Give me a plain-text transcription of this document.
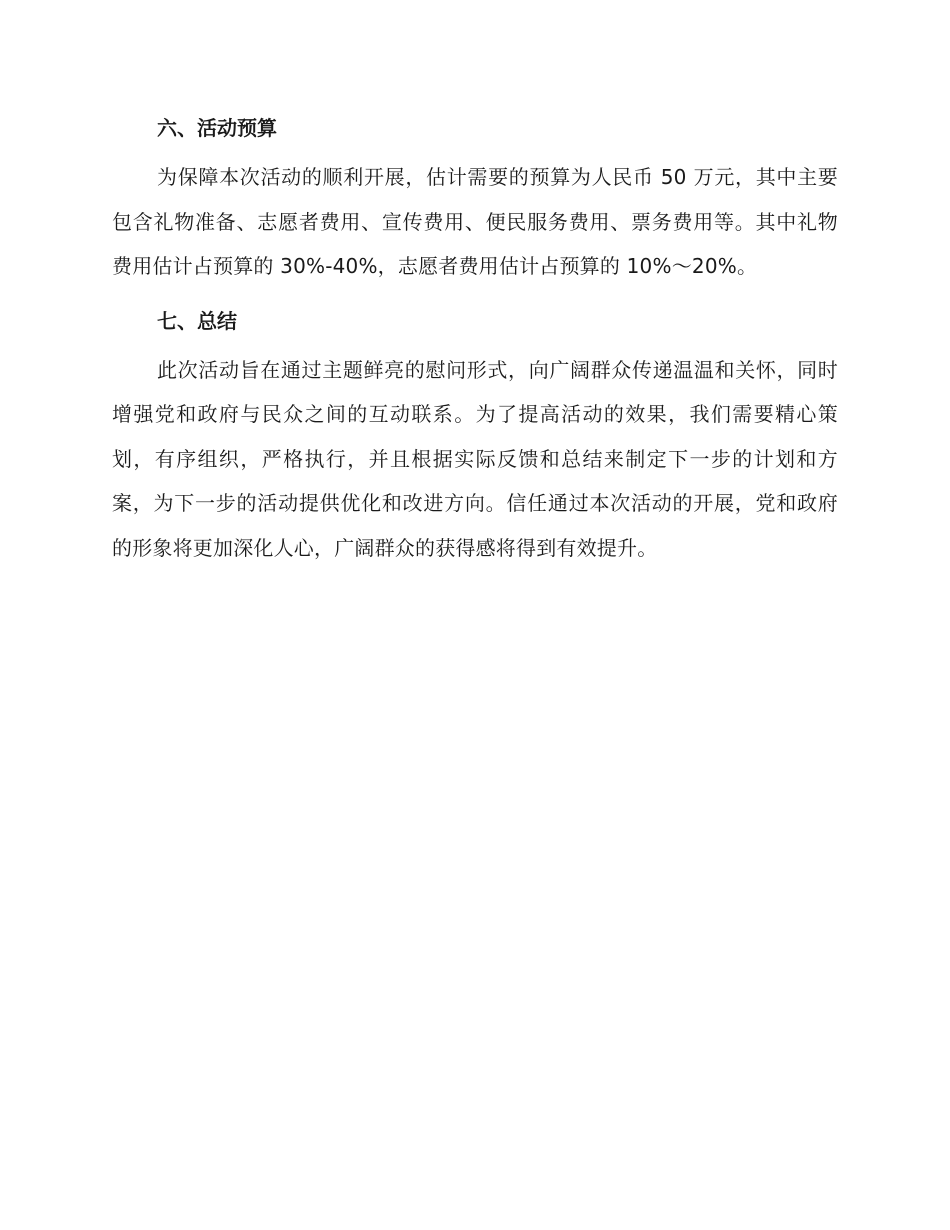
六、活动预算

为保障本次活动的顺利开展，估计需要的预算为人民币 50 万元，其中主要包含礼物准备、志愿者费用、宣传费用、便民服务费用、票务费用等。其中礼物费用估计占预算的 30%-40%，志愿者费用估计占预算的 10%～20%。

七、总结

此次活动旨在通过主题鲜亮的慰问形式，向广阔群众传递温温和关怀，同时增强党和政府与民众之间的互动联系。为了提高活动的效果，我们需要精心策划，有序组织，严格执行，并且根据实际反馈和总结来制定下一步的计划和方案，为下一步的活动提供优化和改进方向。信任通过本次活动的开展，党和政府的形象将更加深化人心，广阔群众的获得感将得到有效提升。
